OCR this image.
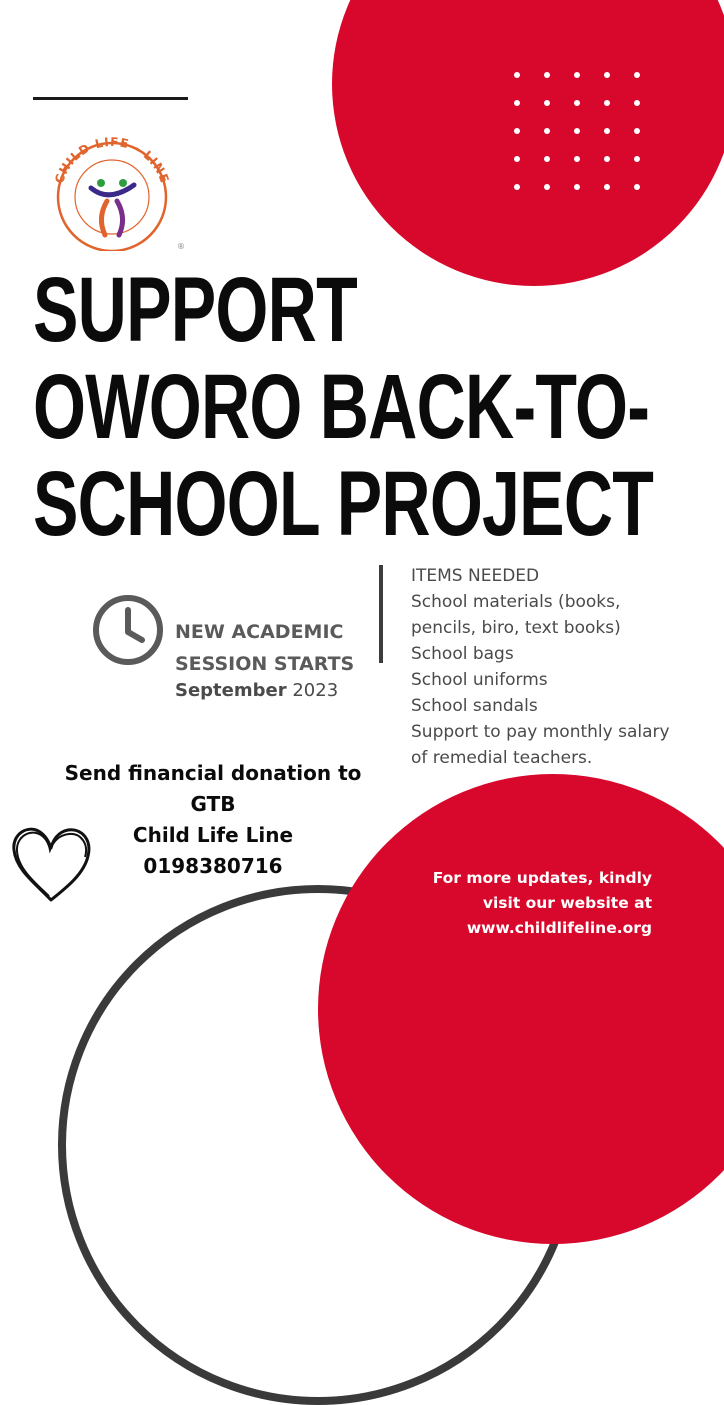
CHILD LIFE - LINE
®
SUPPORT
OWORO BACK-TO-
SCHOOL PROJECT
NEW ACADEMIC
SESSION STARTS
September 2023
ITEMS NEEDED
School materials (books,
pencils, biro, text books)
School bags
School uniforms
School sandals
Support to pay monthly salary
of remedial teachers.
Send financial donation to
GTB
Child Life Line
0198380716	For more updates, kindly
visit our website at
www.childlifeline.org
